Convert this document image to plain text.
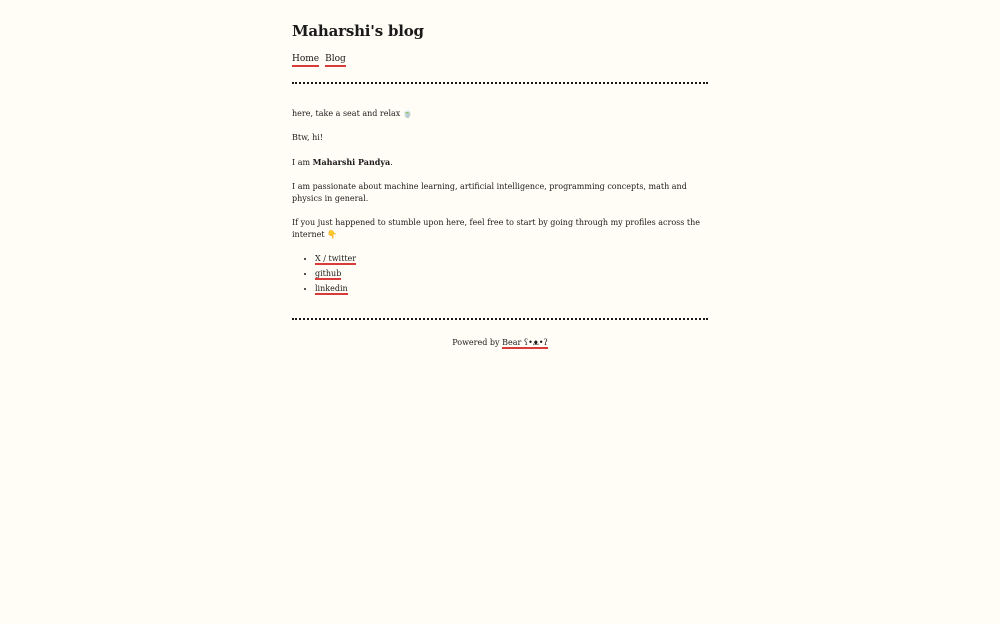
Maharshi's blog
Home Blog

here, take a seat and relax 🍵

Btw, hi!

I am Maharshi Pandya.

I am passionate about machine learning, artificial intelligence, programming concepts, math and physics in general.

If you just happened to stumble upon here, feel free to start by going through my profiles across the internet 👇

• X / twitter
• github
• linkedin
Powered by Bear ʕ•ᴥ•ʔ
